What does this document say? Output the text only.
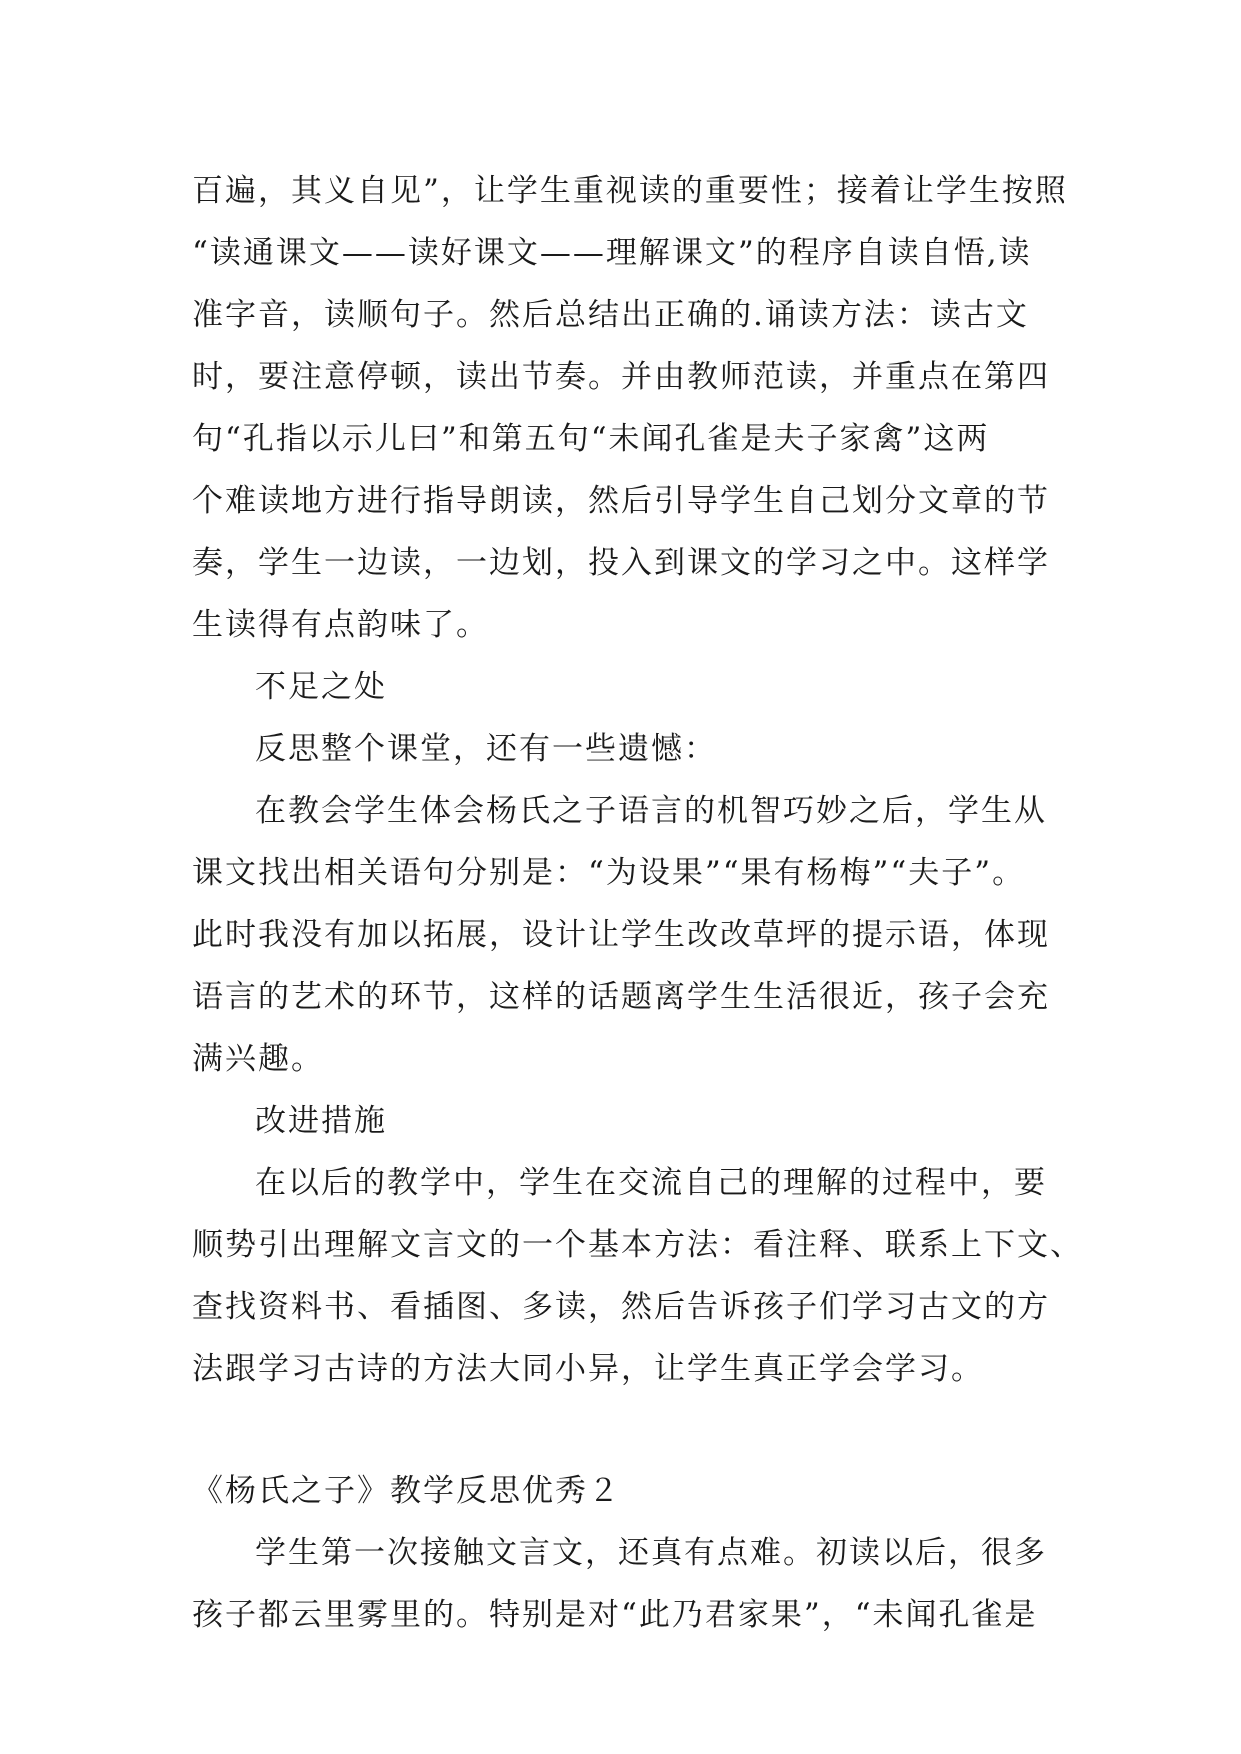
百遍，其义自见”，让学生重视读的重要性；接着让学生按照
“读通课文——读好课文——理解课文”的程序自读自悟,读
准字音，读顺句子。然后总结出正确的.诵读方法：读古文
时，要注意停顿，读出节奏。并由教师范读，并重点在第四
句“孔指以示儿曰”和第五句“未闻孔雀是夫子家禽”这两
个难读地方进行指导朗读，然后引导学生自己划分文章的节
奏，学生一边读，一边划，投入到课文的学习之中。这样学
生读得有点韵味了。
不足之处
反思整个课堂，还有一些遗憾：
在教会学生体会杨氏之子语言的机智巧妙之后，学生从
课文找出相关语句分别是：“为设果”“果有杨梅”“夫子”。
此时我没有加以拓展，设计让学生改改草坪的提示语，体现
语言的艺术的环节，这样的话题离学生生活很近，孩子会充
满兴趣。
改进措施
在以后的教学中，学生在交流自己的理解的过程中，要
顺势引出理解文言文的一个基本方法：看注释、联系上下文、
查找资料书、看插图、多读，然后告诉孩子们学习古文的方
法跟学习古诗的方法大同小异，让学生真正学会学习。
《杨氏之子》教学反思优秀２
学生第一次接触文言文，还真有点难。初读以后，很多
孩子都云里雾里的。特别是对“此乃君家果”，“未闻孔雀是
